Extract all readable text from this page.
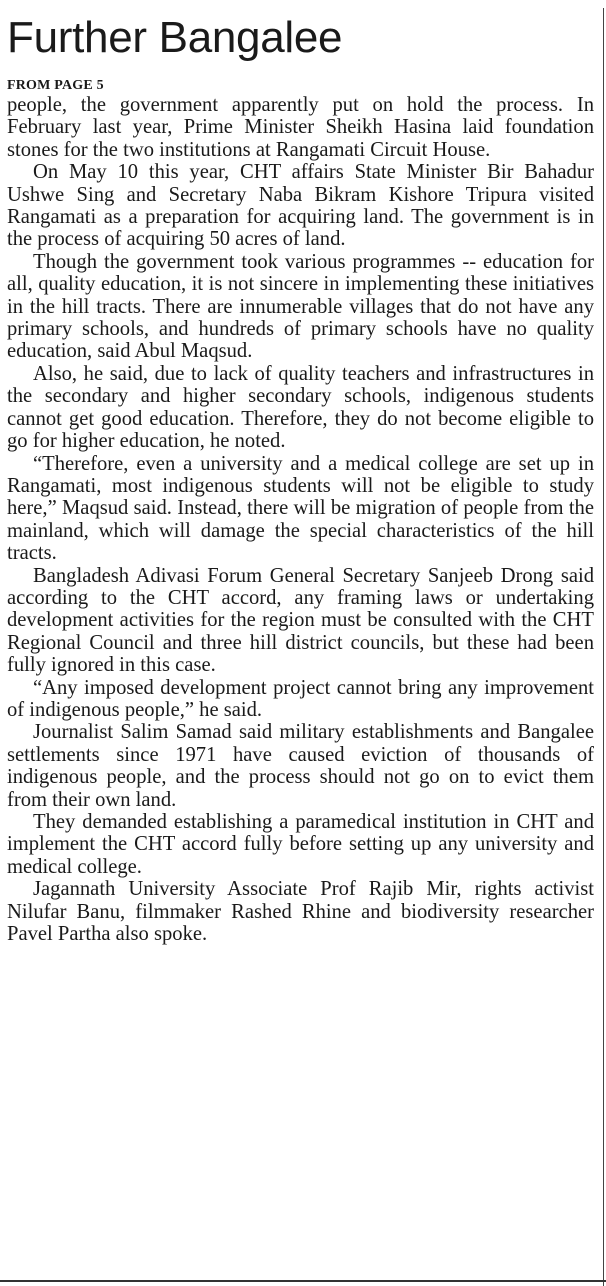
Further Bangalee
FROM PAGE 5

people, the government apparently put on hold the process. In February last year, Prime Minister Sheikh Hasina laid foundation stones for the two institutions at Rangamati Circuit House.

On May 10 this year, CHT affairs State Minister Bir Bahadur Ushwe Sing and Secretary Naba Bikram Kishore Tripura visited Rangamati as a preparation for acquiring land. The government is in the process of acquiring 50 acres of land.

Though the government took various programmes -- education for all, quality education, it is not sincere in implementing these initiatives in the hill tracts. There are innumerable villages that do not have any primary schools, and hundreds of primary schools have no quality education, said Abul Maqsud.

Also, he said, due to lack of quality teachers and infrastructures in the secondary and higher secondary schools, indigenous students cannot get good education. Therefore, they do not become eligible to go for higher education, he noted.

“Therefore, even a university and a medical college are set up in Rangamati, most indigenous students will not be eligible to study here,” Maqsud said. Instead, there will be migration of people from the mainland, which will damage the special characteristics of the hill tracts.

Bangladesh Adivasi Forum General Secretary Sanjeeb Drong said according to the CHT accord, any framing laws or undertaking development activities for the region must be consulted with the CHT Regional Council and three hill district councils, but these had been fully ignored in this case.

“Any imposed development project cannot bring any improvement of indigenous people,” he said.

Journalist Salim Samad said military establishments and Bangalee settlements since 1971 have caused eviction of thousands of indigenous people, and the process should not go on to evict them from their own land.

They demanded establishing a paramedical institution in CHT and implement the CHT accord fully before setting up any university and medical college.

Jagannath University Associate Prof Rajib Mir, rights activist Nilufar Banu, filmmaker Rashed Rhine and biodiversity researcher Pavel Partha also spoke.
